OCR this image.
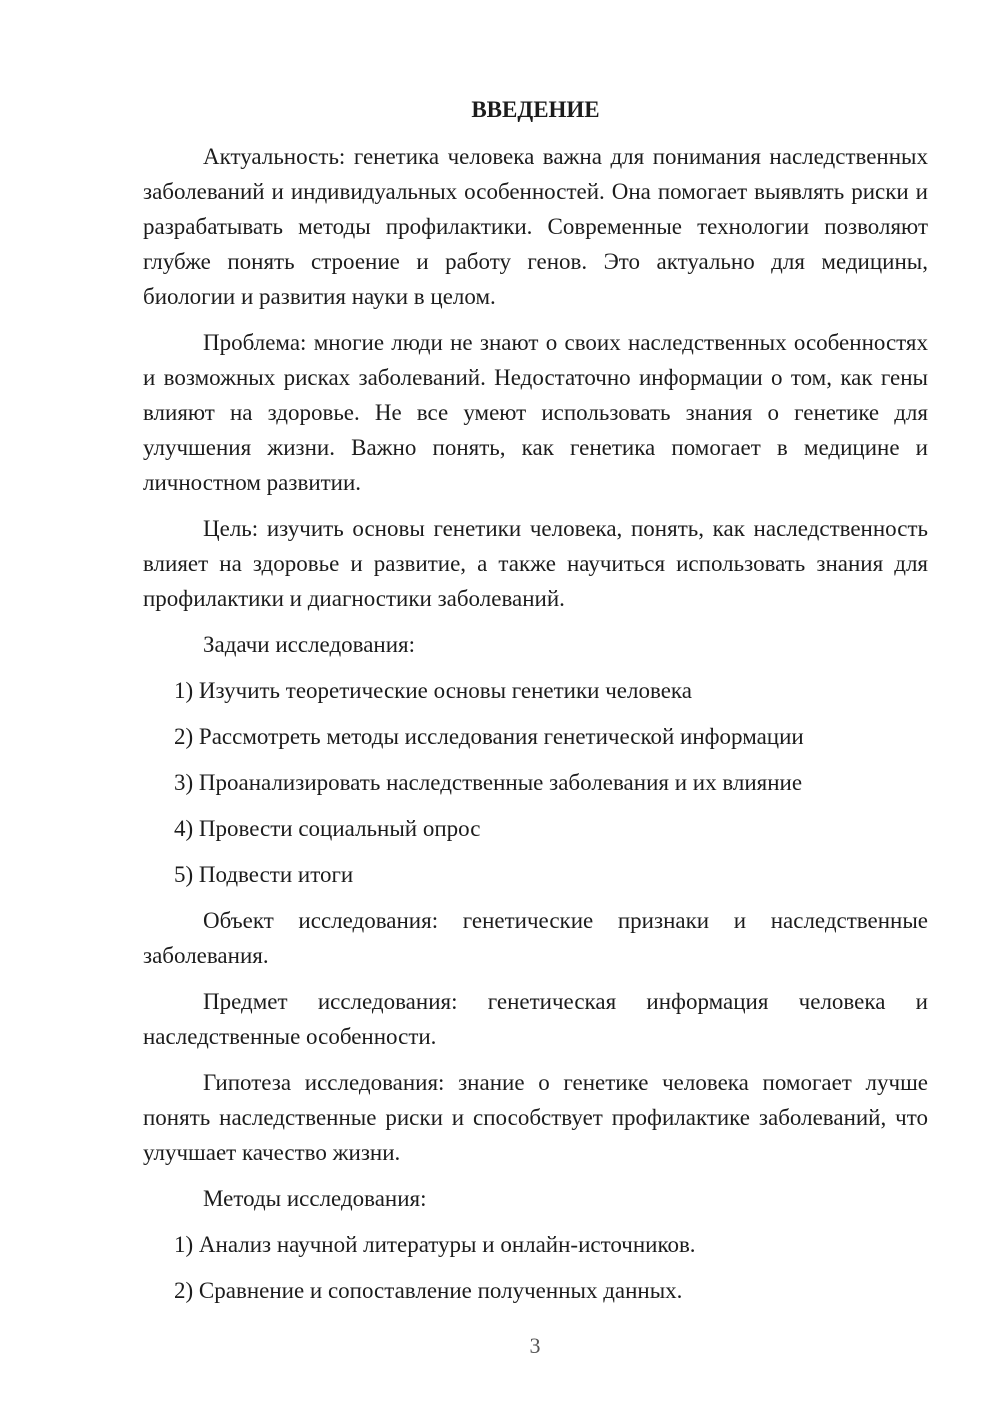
ВВЕДЕНИЕ
Актуальность: генетика человека важна для понимания наследственных заболеваний и индивидуальных особенностей. Она помогает выявлять риски и разрабатывать методы профилактики. Современные технологии позволяют глубже понять строение и работу генов. Это актуально для медицины, биологии и развития науки в целом.
Проблема: многие люди не знают о своих наследственных особенностях и возможных рисках заболеваний. Недостаточно информации о том, как гены влияют на здоровье. Не все умеют использовать знания о генетике для улучшения жизни. Важно понять, как генетика помогает в медицине и личностном развитии.
Цель: изучить основы генетики человека, понять, как наследственность влияет на здоровье и развитие, а также научиться использовать знания для профилактики и диагностики заболеваний.
Задачи исследования:
1) Изучить теоретические основы генетики человека
2) Рассмотреть методы исследования генетической информации
3) Проанализировать наследственные заболевания и их влияние
4) Провести социальный опрос
5) Подвести итоги
Объект исследования: генетические признаки и наследственные заболевания.
Предмет исследования: генетическая информация человека и наследственные особенности.
Гипотеза исследования: знание о генетике человека помогает лучше понять наследственные риски и способствует профилактике заболеваний, что улучшает качество жизни.
Методы исследования:
1) Анализ научной литературы и онлайн-источников.
2) Сравнение и сопоставление полученных данных.
3
